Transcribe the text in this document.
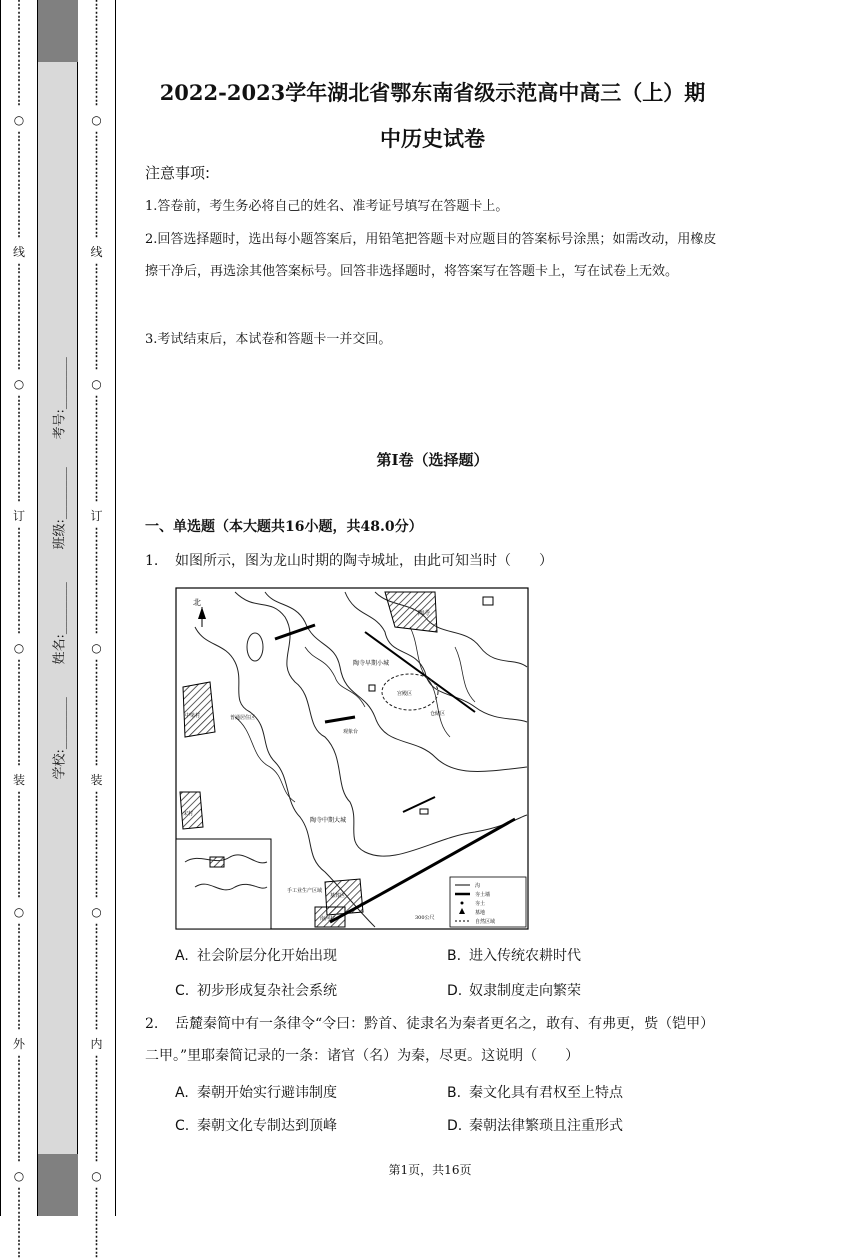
⋮
⋮
⋮
⋮
⋮
⋮
⋮
⋮
⋮
○
⋮
⋮
⋮
⋮
⋮
⋮
⋮
⋮
⋮
线
⋮
⋮
⋮
⋮
⋮
⋮
⋮
⋮
⋮
○
⋮
⋮
⋮
⋮
⋮
⋮
⋮
⋮
⋮
订
⋮
⋮
⋮
⋮
⋮
⋮
⋮
⋮
⋮
○
⋮
⋮
⋮
⋮
⋮
⋮
⋮
⋮
⋮
装
⋮
⋮
⋮
⋮
⋮
⋮
⋮
⋮
⋮
○
⋮
⋮
⋮
⋮
⋮
⋮
⋮
⋮
⋮
外
⋮
⋮
⋮
⋮
⋮
⋮
⋮
⋮
⋮
○
⋮
⋮
⋮
⋮
⋮
⋮
学校:________
姓名:________
班级:________
考号:________
⋮
⋮
⋮
⋮
⋮
⋮
⋮
⋮
⋮
○
⋮
⋮
⋮
⋮
⋮
⋮
⋮
⋮
⋮
线
⋮
⋮
⋮
⋮
⋮
⋮
⋮
⋮
⋮
○
⋮
⋮
⋮
⋮
⋮
⋮
⋮
⋮
⋮
订
⋮
⋮
⋮
⋮
⋮
⋮
⋮
⋮
⋮
○
⋮
⋮
⋮
⋮
⋮
⋮
⋮
⋮
⋮
装
⋮
⋮
⋮
⋮
⋮
⋮
⋮
⋮
⋮
○
⋮
⋮
⋮
⋮
⋮
⋮
⋮
⋮
⋮
内
⋮
⋮
⋮
⋮
⋮
⋮
⋮
⋮
⋮
○
⋮
⋮
⋮
⋮
⋮
⋮
2022-2023学年湖北省鄂东南省级示范高中高三（上）期
中历史试卷
注意事项:
1.答卷前，考生务必将自己的姓名、准考证号填写在答题卡上。
2.回答选择题时，选出每小题答案后，用铅笔把答题卡对应题目的答案标号涂黑；如需改动，用橡皮擦干净后，再选涂其他答案标号。回答非选择题时，将答案写在答题卡上，写在试卷上无效。
3.考试结束后，本试卷和答题卡一并交回。
第I卷（选择题）
一、单选题（本大题共16小题，共48.0分）
1. 如图所示，图为龙山时期的陶寺城址，由此可知当时（　　）
北
陶寺
陶寺早期小城
宫殿区
陶寺中期大城
中梁村
宋村
仓储区
手工业生产区域
墓葬区
南河村
普通居住区
观象台
300公尺
沟
夯土墙
夯土
墓地
自然区域
A. 社会阶层分化开始出现	B. 进入传统农耕时代
C. 初步形成复杂社会系统	D. 奴隶制度走向繁荣
2. 岳麓秦简中有一条律令“令曰：黔首、徒隶名为秦者更名之，敢有、有弗更，赀（铠甲）二甲。”里耶秦简记录的一条：诸官（名）为秦，尽更。这说明（　　）
A. 秦朝开始实行避讳制度	B. 秦文化具有君权至上特点
C. 秦朝文化专制达到顶峰	D. 秦朝法律繁琐且注重形式
第1页，共16页
